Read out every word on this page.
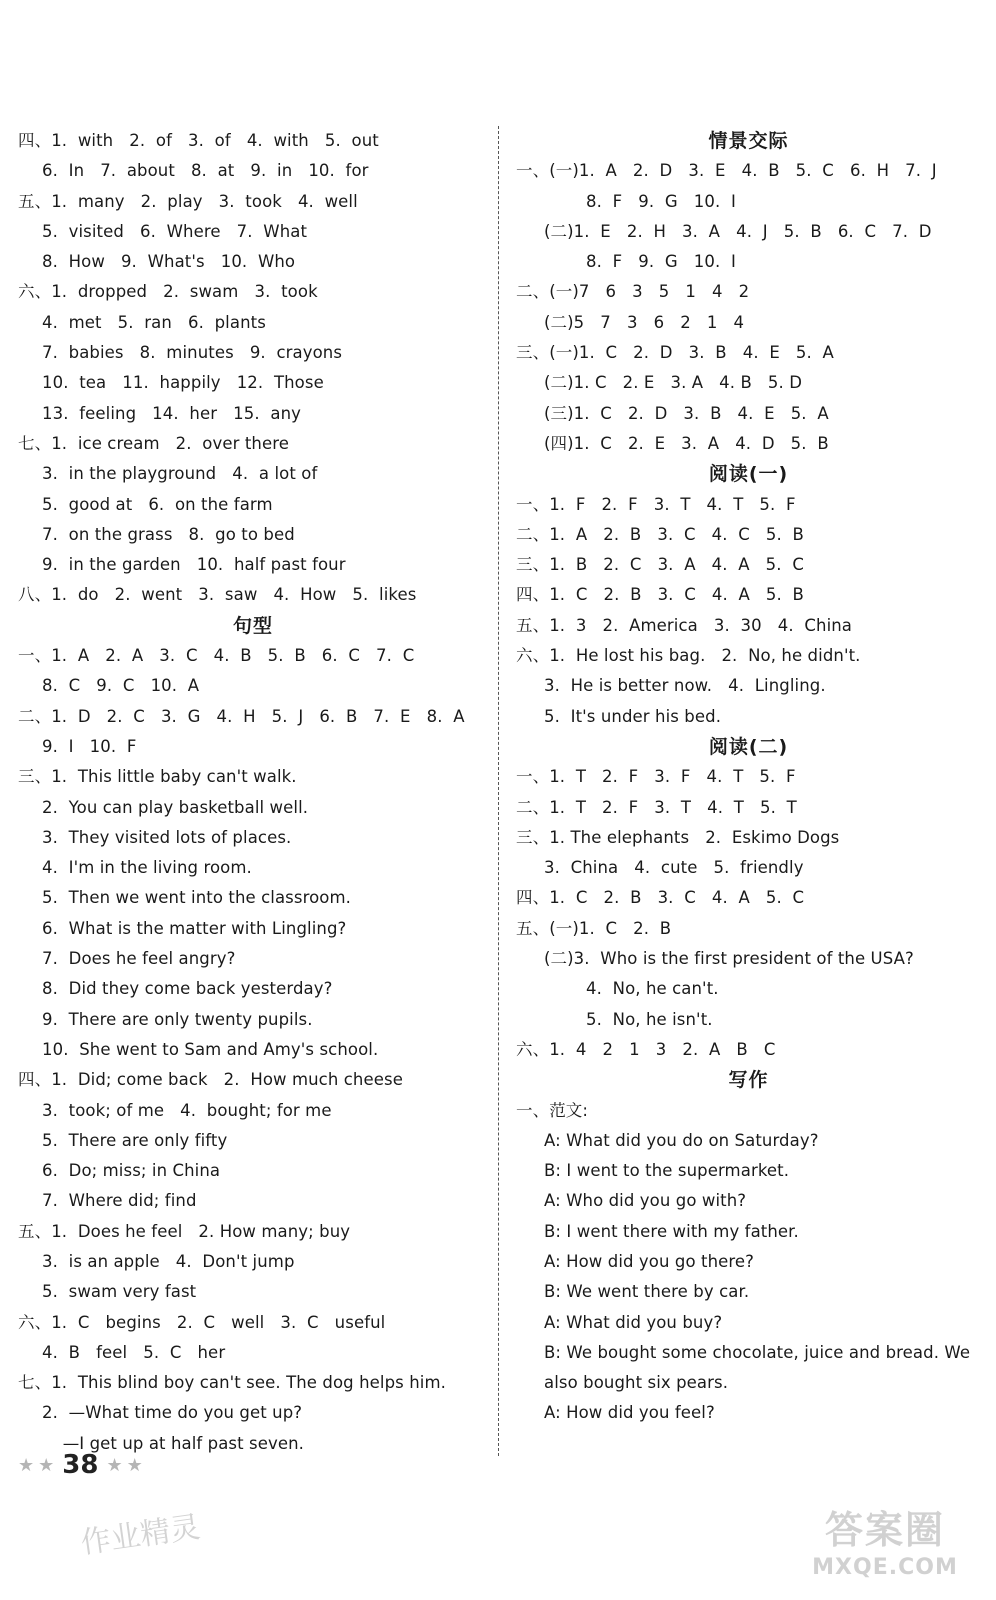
四、1.  with   2.  of   3.  of   4.  with   5.  out
6.  In   7.  about   8.  at   9.  in   10.  for
五、1.  many   2.  play   3.  took   4.  well
5.  visited   6.  Where   7.  What
8.  How   9.  What's   10.  Who
六、1.  dropped   2.  swam   3.  took
4.  met   5.  ran   6.  plants
7.  babies   8.  minutes   9.  crayons
10.  tea   11.  happily   12.  Those
13.  feeling   14.  her   15.  any
七、1.  ice cream   2.  over there
3.  in the playground   4.  a lot of
5.  good at   6.  on the farm
7.  on the grass   8.  go to bed
9.  in the garden   10.  half past four
八、1.  do   2.  went   3.  saw   4.  How   5.  likes
句型
一、1.  A   2.  A   3.  C   4.  B   5.  B   6.  C   7.  C
8.  C   9.  C   10.  A
二、1.  D   2.  C   3.  G   4.  H   5.  J   6.  B   7.  E   8.  A
9.  I   10.  F
三、1.  This little baby can't walk.
2.  You can play basketball well.
3.  They visited lots of places.
4.  I'm in the living room.
5.  Then we went into the classroom.
6.  What is the matter with Lingling?
7.  Does he feel angry?
8.  Did they come back yesterday?
9.  There are only twenty pupils.
10.  She went to Sam and Amy's school.
四、1.  Did; come back   2.  How much cheese
3.  took; of me   4.  bought; for me
5.  There are only fifty
6.  Do; miss; in China
7.  Where did; find
五、1.  Does he feel   2. How many; buy
3.  is an apple   4.  Don't jump
5.  swam very fast
六、1.  C   begins   2.  C   well   3.  C   useful
4.  B   feel   5.  C   her
七、1.  This blind boy can't see. The dog helps him.
2.  —What time do you get up?
—I get up at half past seven.
情景交际
一、(一)1.  A   2.  D   3.  E   4.  B   5.  C   6.  H   7.  J
8.  F   9.  G   10.  I
(二)1.  E   2.  H   3.  A   4.  J   5.  B   6.  C   7.  D
8.  F   9.  G   10.  I
二、(一)7   6   3   5   1   4   2
(二)5   7   3   6   2   1   4
三、(一)1.  C   2.  D   3.  B   4.  E   5.  A
(二)1. C   2. E   3. A   4. B   5. D
(三)1.  C   2.  D   3.  B   4.  E   5.  A
(四)1.  C   2.  E   3.  A   4.  D   5.  B
阅读(一)
一、1.  F   2.  F   3.  T   4.  T   5.  F
二、1.  A   2.  B   3.  C   4.  C   5.  B
三、1.  B   2.  C   3.  A   4.  A   5.  C
四、1.  C   2.  B   3.  C   4.  A   5.  B
五、1.  3   2.  America   3.  30   4.  China
六、1.  He lost his bag.   2.  No, he didn't.
3.  He is better now.   4.  Lingling.
5.  It's under his bed.
阅读(二)
一、1.  T   2.  F   3.  F   4.  T   5.  F
二、1.  T   2.  F   3.  T   4.  T   5.  T
三、1. The elephants   2.  Eskimo Dogs
3.  China   4.  cute   5.  friendly
四、1.  C   2.  B   3.  C   4.  A   5.  C
五、(一)1.  C   2.  B
(二)3.  Who is the first president of the USA?
4.  No, he can't.
5.  No, he isn't.
六、1.  4   2   1   3   2.  A   B   C
写作
一、范文:
A: What did you do on Saturday?
B: I went to the supermarket.
A: Who did you go with?
B: I went there with my father.
A: How did you go there?
B: We went there by car.
A: What did you buy?
B: We bought some chocolate, juice and bread. We
also bought six pears.
A: How did you feel?
★ ★ 38 ★ ★
作业精灵	答案圈
MXQE.COM
